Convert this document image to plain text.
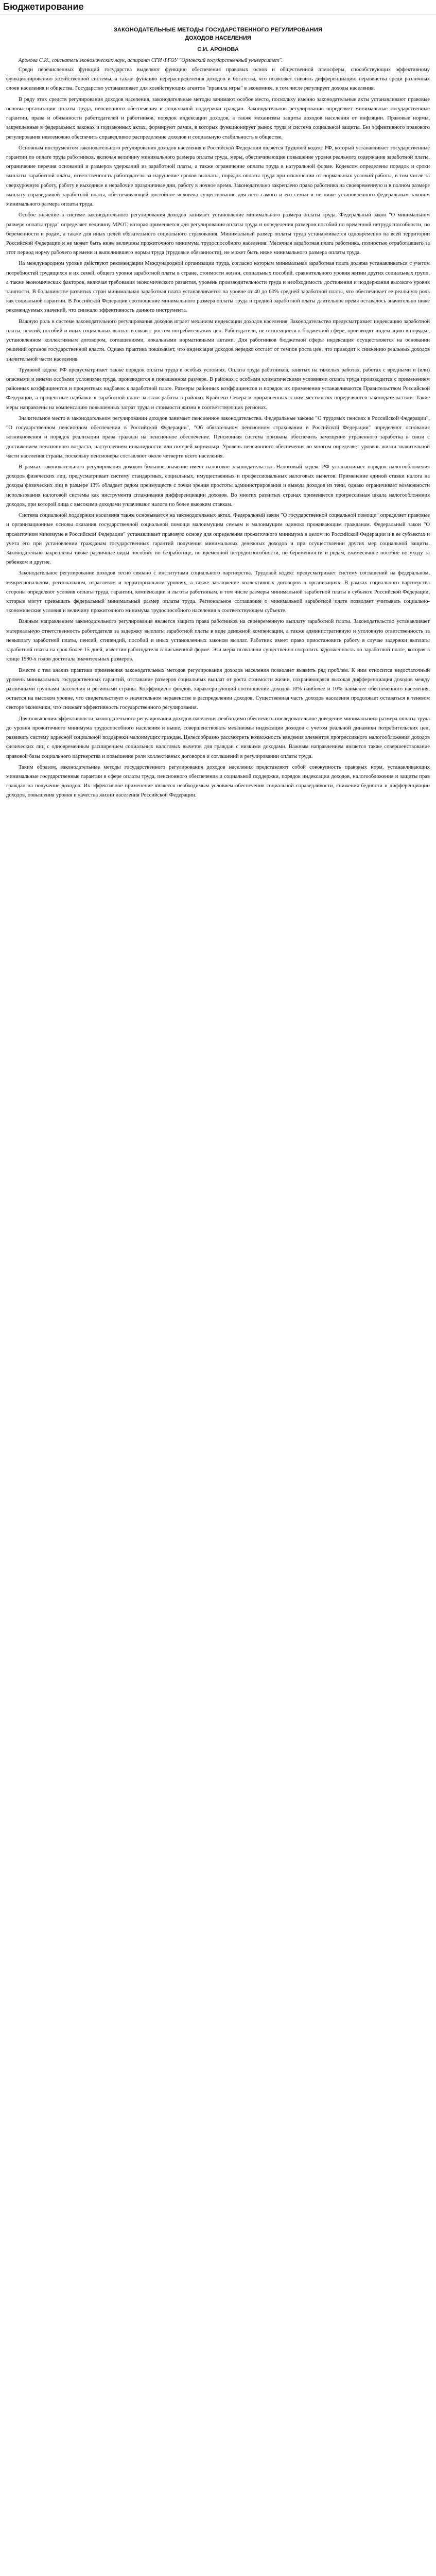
Бюджетирование
ЗАКОНОДАТЕЛЬНЫЕ МЕТОДЫ ГОСУДАРСТВЕННОГО РЕГУЛИРОВАНИЯ
ДОХОДОВ НАСЕЛЕНИЯ
С.И. АРОНОВА

Аронова С.И., соискатель экономических наук, аспирант СГИ ФГОУ "Орловский государственный университет".

Среди перечисленных функций государства выделяют функцию обеспечения правовых основ и общественной атмосферы, способствующих эффективному функционированию хозяйственной системы, а также функцию перераспределения доходов и богатства, что позволяет снизить дифференциацию неравенства среди различных слоев населения и общества. Государство устанавливает для хозяйствующих агентов "правила игры" в экономике, в том числе регулирует доходы населения.

В ряду этих средств регулирования доходов населения, законодательные методы занимают особое место, поскольку именно законодательные акты устанавливают правовые основы организации оплаты труда, пенсионного обеспечения и социальной поддержки граждан. Законодательное регулирование определяет минимальные государственные гарантии, права и обязанности работодателей и работников, порядок индексации доходов, а также механизмы защиты доходов населения от инфляции. Правовые нормы, закрепленные в федеральных законах и подзаконных актах, формируют рамки, в которых функционирует рынок труда и система социальной защиты. Без эффективного правового регулирования невозможно обеспечить справедливое распределение доходов и социальную стабильность в обществе.

Основным инструментом законодательного регулирования доходов населения в Российской Федерации является Трудовой кодекс РФ, который устанавливает государственные гарантии по оплате труда работников, включая величину минимального размера оплаты труда, меры, обеспечивающие повышение уровня реального содержания заработной платы, ограничение перечня оснований и размеров удержаний из заработной платы, а также ограничение оплаты труда в натуральной форме. Кодексом определены порядок и сроки выплаты заработной платы, ответственность работодателя за нарушение сроков выплаты, порядок оплаты труда при отклонении от нормальных условий работы, в том числе за сверхурочную работу, работу в выходные и нерабочие праздничные дни, работу в ночное время. Законодательно закреплено право работника на своевременную и в полном размере выплату справедливой заработной платы, обеспечивающей достойное человека существование для него самого и его семьи и не ниже установленного федеральным законом минимального размера оплаты труда.

Особое значение в системе законодательного регулирования доходов занимает установление минимального размера оплаты труда. Федеральный закон "О минимальном размере оплаты труда" определяет величину МРОТ, которая применяется для регулирования оплаты труда и определения размеров пособий по временной нетрудоспособности, по беременности и родам, а также для иных целей обязательного социального страхования. Минимальный размер оплаты труда устанавливается одновременно на всей территории Российской Федерации и не может быть ниже величины прожиточного минимума трудоспособного населения. Месячная заработная плата работника, полностью отработавшего за этот период норму рабочего времени и выполнившего нормы труда (трудовые обязанности), не может быть ниже минимального размера оплаты труда.

На международном уровне действуют рекомендации Международной организации труда, согласно которым минимальная заработная плата должна устанавливаться с учетом потребностей трудящихся и их семей, общего уровня заработной платы в стране, стоимости жизни, социальных пособий, сравнительного уровня жизни других социальных групп, а также экономических факторов, включая требования экономического развития, уровень производительности труда и необходимость достижения и поддержания высокого уровня занятости. В большинстве развитых стран минимальная заработная плата устанавливается на уровне от 40 до 60% средней заработной платы, что обеспечивает ее реальную роль как социальной гарантии. В Российской Федерации соотношение минимального размера оплаты труда и средней заработной платы длительное время оставалось значительно ниже рекомендуемых значений, что снижало эффективность данного инструмента.

Важную роль в системе законодательного регулирования доходов играет механизм индексации доходов населения. Законодательство предусматривает индексацию заработной платы, пенсий, пособий и иных социальных выплат в связи с ростом потребительских цен. Работодатели, не относящиеся к бюджетной сфере, производят индексацию в порядке, установленном коллективным договором, соглашениями, локальными нормативными актами. Для работников бюджетной сферы индексация осуществляется на основании решений органов государственной власти. Однако практика показывает, что индексация доходов нередко отстает от темпов роста цен, что приводит к снижению реальных доходов значительной части населения.

Трудовой кодекс РФ предусматривает также порядок оплаты труда в особых условиях. Оплата труда работников, занятых на тяжелых работах, работах с вредными и (или) опасными и иными особыми условиями труда, производится в повышенном размере. В районах с особыми климатическими условиями оплата труда производится с применением районных коэффициентов и процентных надбавок к заработной плате. Размеры районных коэффициентов и порядок их применения устанавливаются Правительством Российской Федерации, а процентные надбавки к заработной плате за стаж работы в районах Крайнего Севера и приравненных к ним местностях определяются законодательством. Такие меры направлены на компенсацию повышенных затрат труда и стоимости жизни в соответствующих регионах.

Значительное место в законодательном регулировании доходов занимает пенсионное законодательство. Федеральные законы "О трудовых пенсиях в Российской Федерации", "О государственном пенсионном обеспечении в Российской Федерации", "Об обязательном пенсионном страховании в Российской Федерации" определяют основания возникновения и порядок реализации права граждан на пенсионное обеспечение. Пенсионная система призвана обеспечить замещение утраченного заработка в связи с достижением пенсионного возраста, наступлением инвалидности или потерей кормильца. Уровень пенсионного обеспечения во многом определяет уровень жизни значительной части населения страны, поскольку пенсионеры составляют около четверти всего населения.

В рамках законодательного регулирования доходов большое значение имеет налоговое законодательство. Налоговый кодекс РФ устанавливает порядок налогообложения доходов физических лиц, предусматривает систему стандартных, социальных, имущественных и профессиональных налоговых вычетов. Применение единой ставки налога на доходы физических лиц в размере 13% обладает рядом преимуществ с точки зрения простоты администрирования и вывода доходов из тени, однако ограничивает возможности использования налоговой системы как инструмента сглаживания дифференциации доходов. Во многих развитых странах применяется прогрессивная шкала налогообложения доходов, при которой лица с высокими доходами уплачивают налоги по более высоким ставкам.

Система социальной поддержки населения также основывается на законодательных актах. Федеральный закон "О государственной социальной помощи" определяет правовые и организационные основы оказания государственной социальной помощи малоимущим семьям и малоимущим одиноко проживающим гражданам. Федеральный закон "О прожиточном минимуме в Российской Федерации" устанавливает правовую основу для определения прожиточного минимума в целом по Российской Федерации и в ее субъектах и учета его при установлении гражданам государственных гарантий получения минимальных денежных доходов и при осуществлении других мер социальной защиты. Законодательно закреплены также различные виды пособий: по безработице, по временной нетрудоспособности, по беременности и родам, ежемесячное пособие по уходу за ребенком и другие.

Законодательное регулирование доходов тесно связано с институтами социального партнерства. Трудовой кодекс предусматривает систему соглашений на федеральном, межрегиональном, региональном, отраслевом и территориальном уровнях, а также заключение коллективных договоров в организациях. В рамках социального партнерства стороны определяют условия оплаты труда, гарантии, компенсации и льготы работникам, в том числе размеры минимальной заработной платы в субъекте Российской Федерации, которые могут превышать федеральный минимальный размер оплаты труда. Региональное соглашение о минимальной заработной плате позволяет учитывать социально-экономические условия и величину прожиточного минимума трудоспособного населения в соответствующем субъекте.

Важным направлением законодательного регулирования является защита права работников на своевременную выплату заработной платы. Законодательство устанавливает материальную ответственность работодателя за задержку выплаты заработной платы в виде денежной компенсации, а также административную и уголовную ответственность за невыплату заработной платы, пенсий, стипендий, пособий и иных установленных законом выплат. Работник имеет право приостановить работу в случае задержки выплаты заработной платы на срок более 15 дней, известив работодателя в письменной форме. Эти меры позволили существенно сократить задолженность по заработной плате, которая в конце 1990-х годов достигала значительных размеров.

Вместе с тем анализ практики применения законодательных методов регулирования доходов населения позволяет выявить ряд проблем. К ним относится недостаточный уровень минимальных государственных гарантий, отставание размеров социальных выплат от роста стоимости жизни, сохраняющаяся высокая дифференциация доходов между различными группами населения и регионами страны. Коэффициент фондов, характеризующий соотношение доходов 10% наиболее и 10% наименее обеспеченного населения, остается на высоком уровне, что свидетельствует о значительном неравенстве в распределении доходов. Существенная часть доходов населения продолжает оставаться в теневом секторе экономики, что снижает эффективность государственного регулирования.

Для повышения эффективности законодательного регулирования доходов населения необходимо обеспечить последовательное доведение минимального размера оплаты труда до уровня прожиточного минимума трудоспособного населения и выше, совершенствовать механизмы индексации доходов с учетом реальной динамики потребительских цен, развивать систему адресной социальной поддержки малоимущих граждан. Целесообразно рассмотреть возможность введения элементов прогрессивного налогообложения доходов физических лиц с одновременным расширением социальных налоговых вычетов для граждан с низкими доходами. Важным направлением является также совершенствование правовой базы социального партнерства и повышение роли коллективных договоров и соглашений в регулировании оплаты труда.

Таким образом, законодательные методы государственного регулирования доходов населения представляют собой совокупность правовых норм, устанавливающих минимальные государственные гарантии в сфере оплаты труда, пенсионного обеспечения и социальной поддержки, порядок индексации доходов, налогообложения и защиты прав граждан на получение доходов. Их эффективное применение является необходимым условием обеспечения социальной справедливости, снижения бедности и дифференциации доходов, повышения уровня и качества жизни населения Российской Федерации.
